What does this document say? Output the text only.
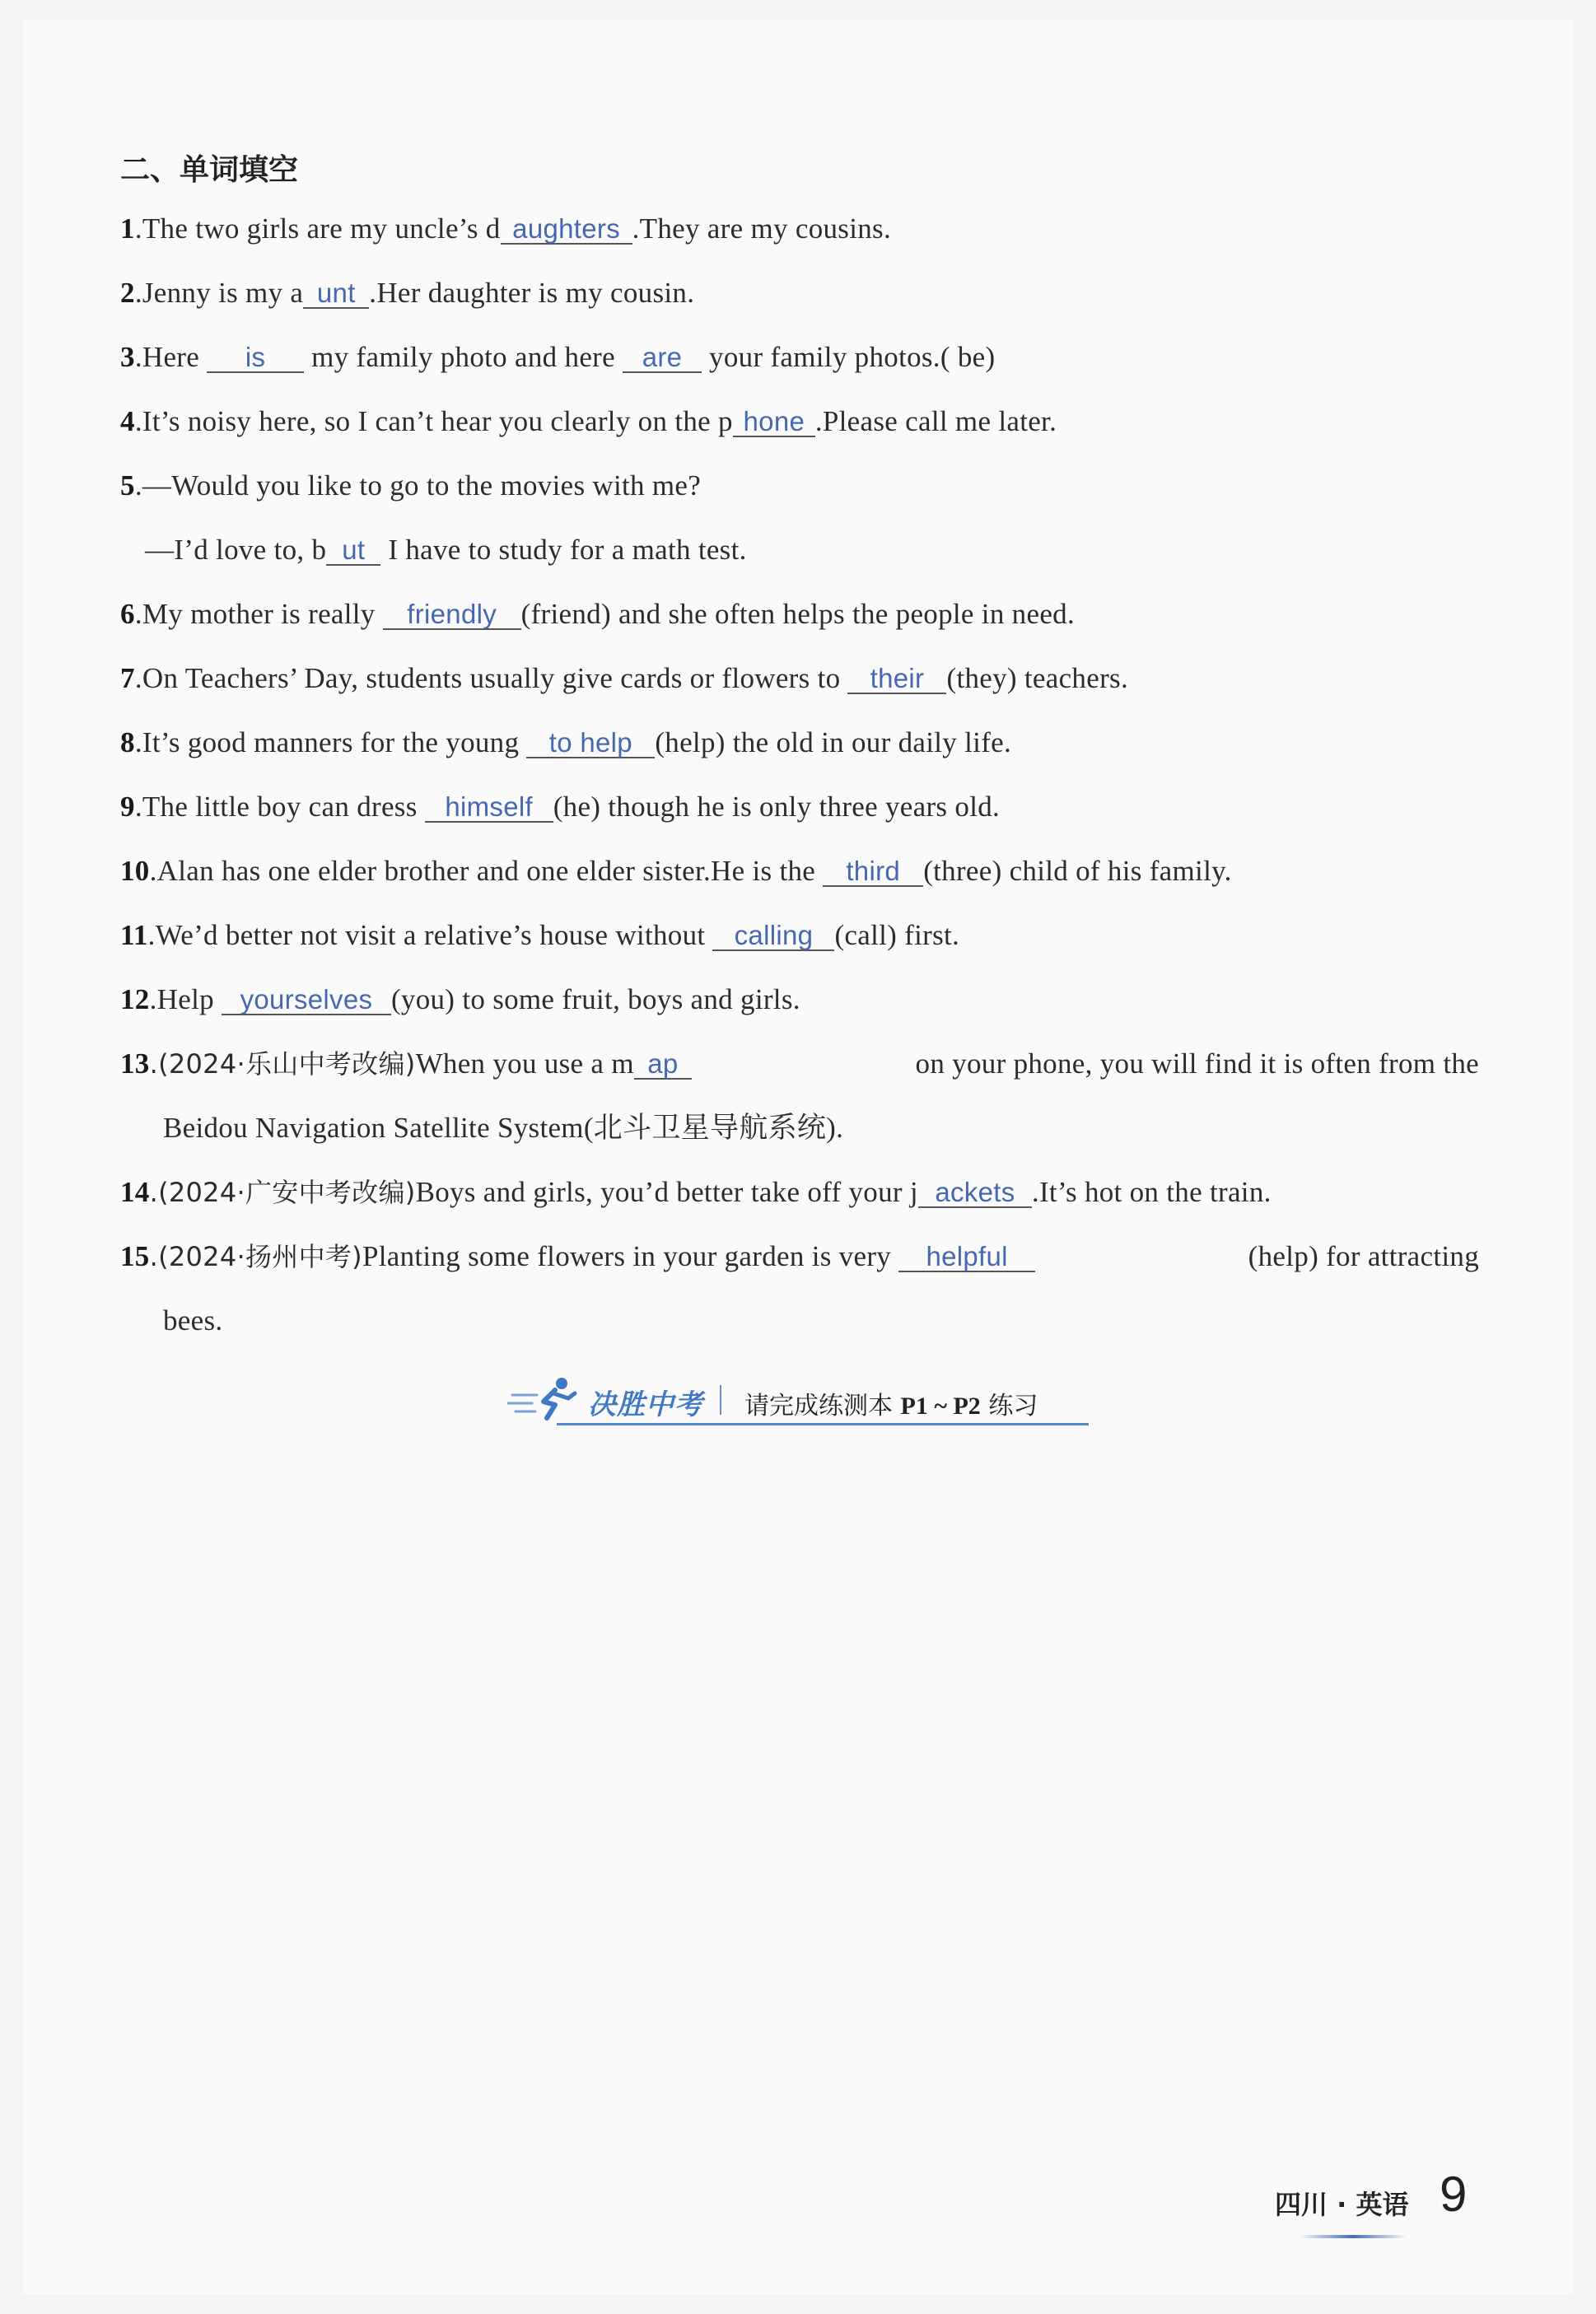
二、单词填空
1.The two girls are my uncle’s d aughters .They are my cousins.
2.Jenny is my a unt .Her daughter is my cousin.
3.Here is my family photo and here are your family photos.( be)
4.It’s noisy here, so I can’t hear you clearly on the p hone .Please call me later.
5.—Would you like to go to the movies with me?
—I’d love to, b ut I have to study for a math test.
6.My mother is really friendly (friend) and she often helps the people in need.
7.On Teachers’ Day, students usually give cards or flowers to their (they) teachers.
8.It’s good manners for the young to help (help) the old in our daily life.
9.The little boy can dress himself (he) though he is only three years old.
10.Alan has one elder brother and one elder sister.He is the third (three) child of his family.
11.We’d better not visit a relative’s house without calling (call) first.
12.Help yourselves (you) to some fruit, boys and girls.
13.(2024·乐山中考改编)When you use a m ap	on your phone, you will find it is often from the
Beidou Navigation Satellite System(北斗卫星导航系统).
14.(2024·广安中考改编)Boys and girls, you’d better take off your j ackets .It’s hot on the train.
15.(2024·扬州中考)Planting some flowers in your garden is very helpful	(help) for attracting
bees.
决胜中考 请完成练测本 P1 ~ P2 练习
四川 · 英语 9
